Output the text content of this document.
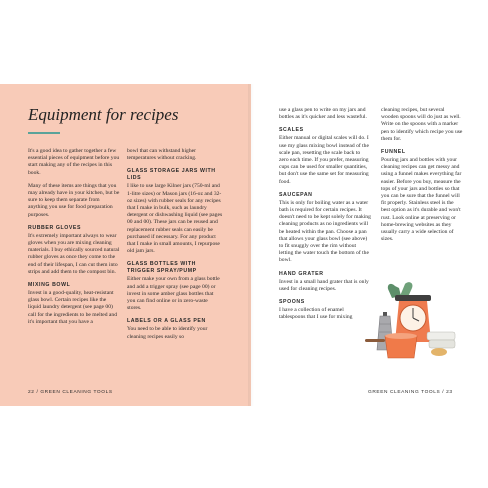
Equipment for recipes

It's a good idea to gather together a few essential pieces of equipment before you start making any of the recipes in this book.

Many of these items are things that you may already have in your kitchen, but be sure to keep them separate from anything you use for food preparation purposes.

RUBBER GLOVES

It's extremely important always to wear gloves when you are mixing cleaning materials. I buy ethically sourced natural rubber gloves as once they come to the end of their lifespan, I can cut them into strips and add them to the compost bin.

MIXING BOWL

Invest in a good-quality, heat-resistant glass bowl. Certain recipes like the liquid laundry detergent (see page 00) call for the ingredients to be melted and it's important that you have a

bowl that can withstand higher temperatures without cracking.

GLASS STORAGE JARS WITH LIDS

I like to use large Kilner jars (750-ml and 1-litre sizes) or Mason jars (16-oz and 32-oz sizes) with rubber seals for any recipes that I make in bulk, such as laundry detergent or dishwashing liquid (see pages 00 and 00). These jars can be reused and replacement rubber seals can easily be purchased if necessary. For any product that I make in small amounts, I repurpose old jam jars.

GLASS BOTTLES WITH TRIGGER SPRAY/PUMP

Either make your own from a glass bottle and add a trigger spray (see page 00) or invest in some amber glass bottles that you can find online or in zero-waste stores.

LABELS OR A GLASS PEN

You need to be able to identify your cleaning recipes easily so

22 / GREEN CLEANING TOOLS

use a glass pen to write on my jars and bottles as it's quicker and less wasteful.

SCALES

Either manual or digital scales will do. I use my glass mixing bowl instead of the scale pan, resetting the scale back to zero each time. If you prefer, measuring cups can be used for smaller quantities, but don't use the same set for measuring food.

SAUCEPAN

This is only for boiling water as a water bath is required for certain recipes. It doesn't need to be kept solely for making cleaning products as no ingredients will be heated within the pan. Choose a pan that allows your glass bowl (see above) to fit snuggly over the rim without letting the water touch the bottom of the bowl.

HAND GRATER

Invest in a small hand grater that is only used for cleaning recipes.

SPOONS

I have a collection of enamel tablespoons that I use for mixing

cleaning recipes, but several wooden spoons will do just as well. Write on the spoons with a marker pen to identify which recipe you use them for.

FUNNEL

Pouring jars and bottles with your cleaning recipes can get messy and using a funnel makes everything far easier. Before you buy, measure the tops of your jars and bottles so that you can be sure that the funnel will fit properly. Stainless steel is the best option as it's durable and won't rust. Look online at preserving or home-brewing websites as they usually carry a wide selection of sizes.

GREEN CLEANING TOOLS / 23
